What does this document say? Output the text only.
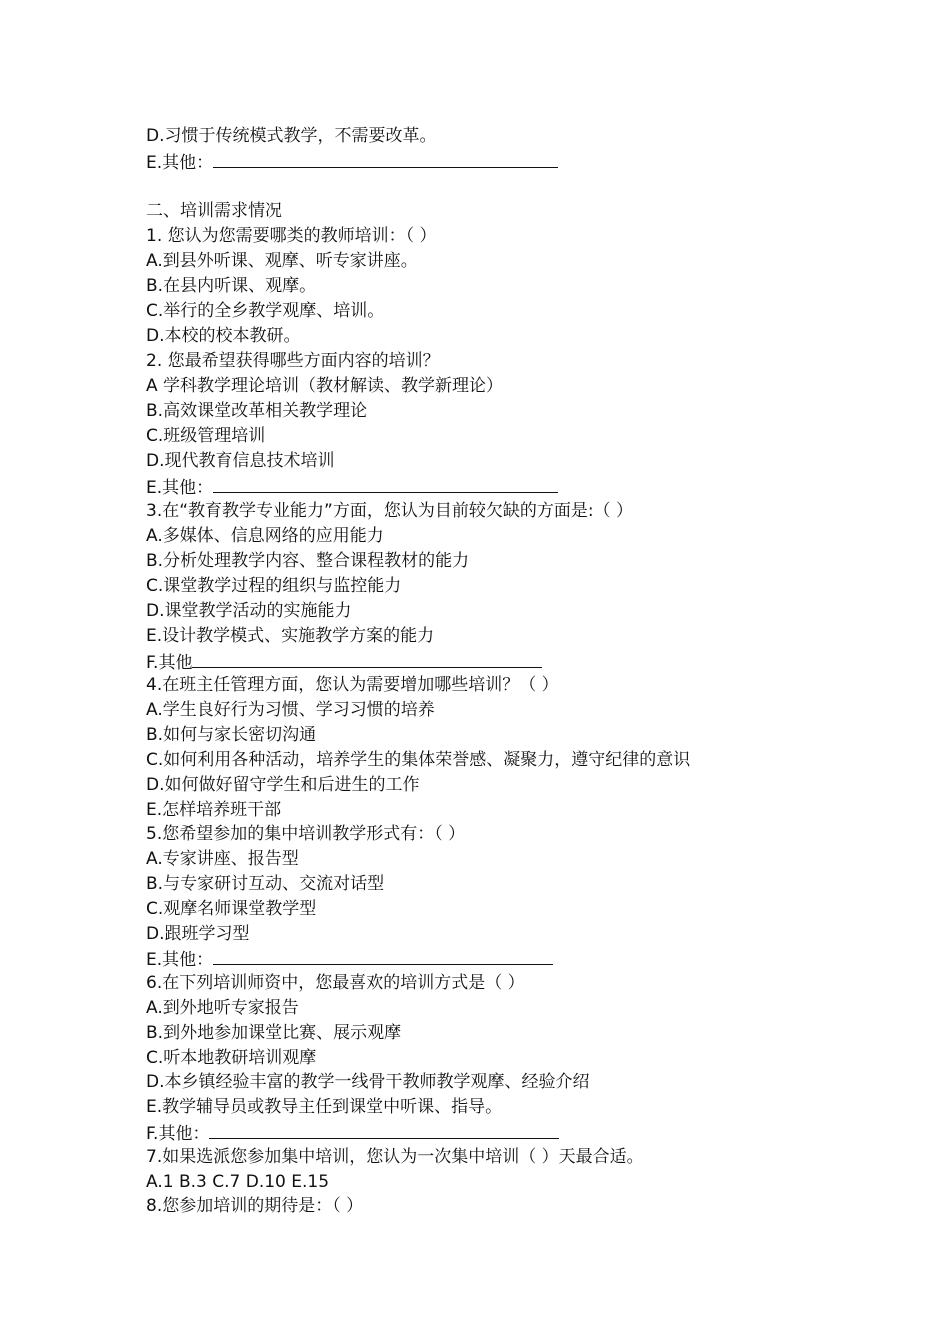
D.习惯于传统模式教学，不需要改革。
E.其他：
二、培训需求情况
1. 您认为您需要哪类的教师培训：（ ）
A.到县外听课、观摩、听专家讲座。
B.在县内听课、观摩。
C.举行的全乡教学观摩、培训。
D.本校的校本教研。
2. 您最希望获得哪些方面内容的培训？
A 学科教学理论培训（教材解读、教学新理论）
B.高效课堂改革相关教学理论
C.班级管理培训
D.现代教育信息技术培训
E.其他：
3.在“教育教学专业能力”方面，您认为目前较欠缺的方面是:（ ）
A.多媒体、信息网络的应用能力
B.分析处理教学内容、整合课程教材的能力
C.课堂教学过程的组织与监控能力
D.课堂教学活动的实施能力
E.设计教学模式、实施教学方案的能力
F.其他
4.在班主任管理方面，您认为需要增加哪些培训？（ ）
A.学生良好行为习惯、学习习惯的培养
B.如何与家长密切沟通
C.如何利用各种活动，培养学生的集体荣誉感、凝聚力，遵守纪律的意识
D.如何做好留守学生和后进生的工作
E.怎样培养班干部
5.您希望参加的集中培训教学形式有：（ ）
A.专家讲座、报告型
B.与专家研讨互动、交流对话型
C.观摩名师课堂教学型
D.跟班学习型
E.其他：
6.在下列培训师资中，您最喜欢的培训方式是（ ）
A.到外地听专家报告
B.到外地参加课堂比赛、展示观摩
C.听本地教研培训观摩
D.本乡镇经验丰富的教学一线骨干教师教学观摩、经验介绍
E.教学辅导员或教导主任到课堂中听课、指导。
F.其他：
7.如果选派您参加集中培训，您认为一次集中培训（ ）天最合适。
A.1 B.3 C.7 D.10 E.15
8.您参加培训的期待是：（ ）
